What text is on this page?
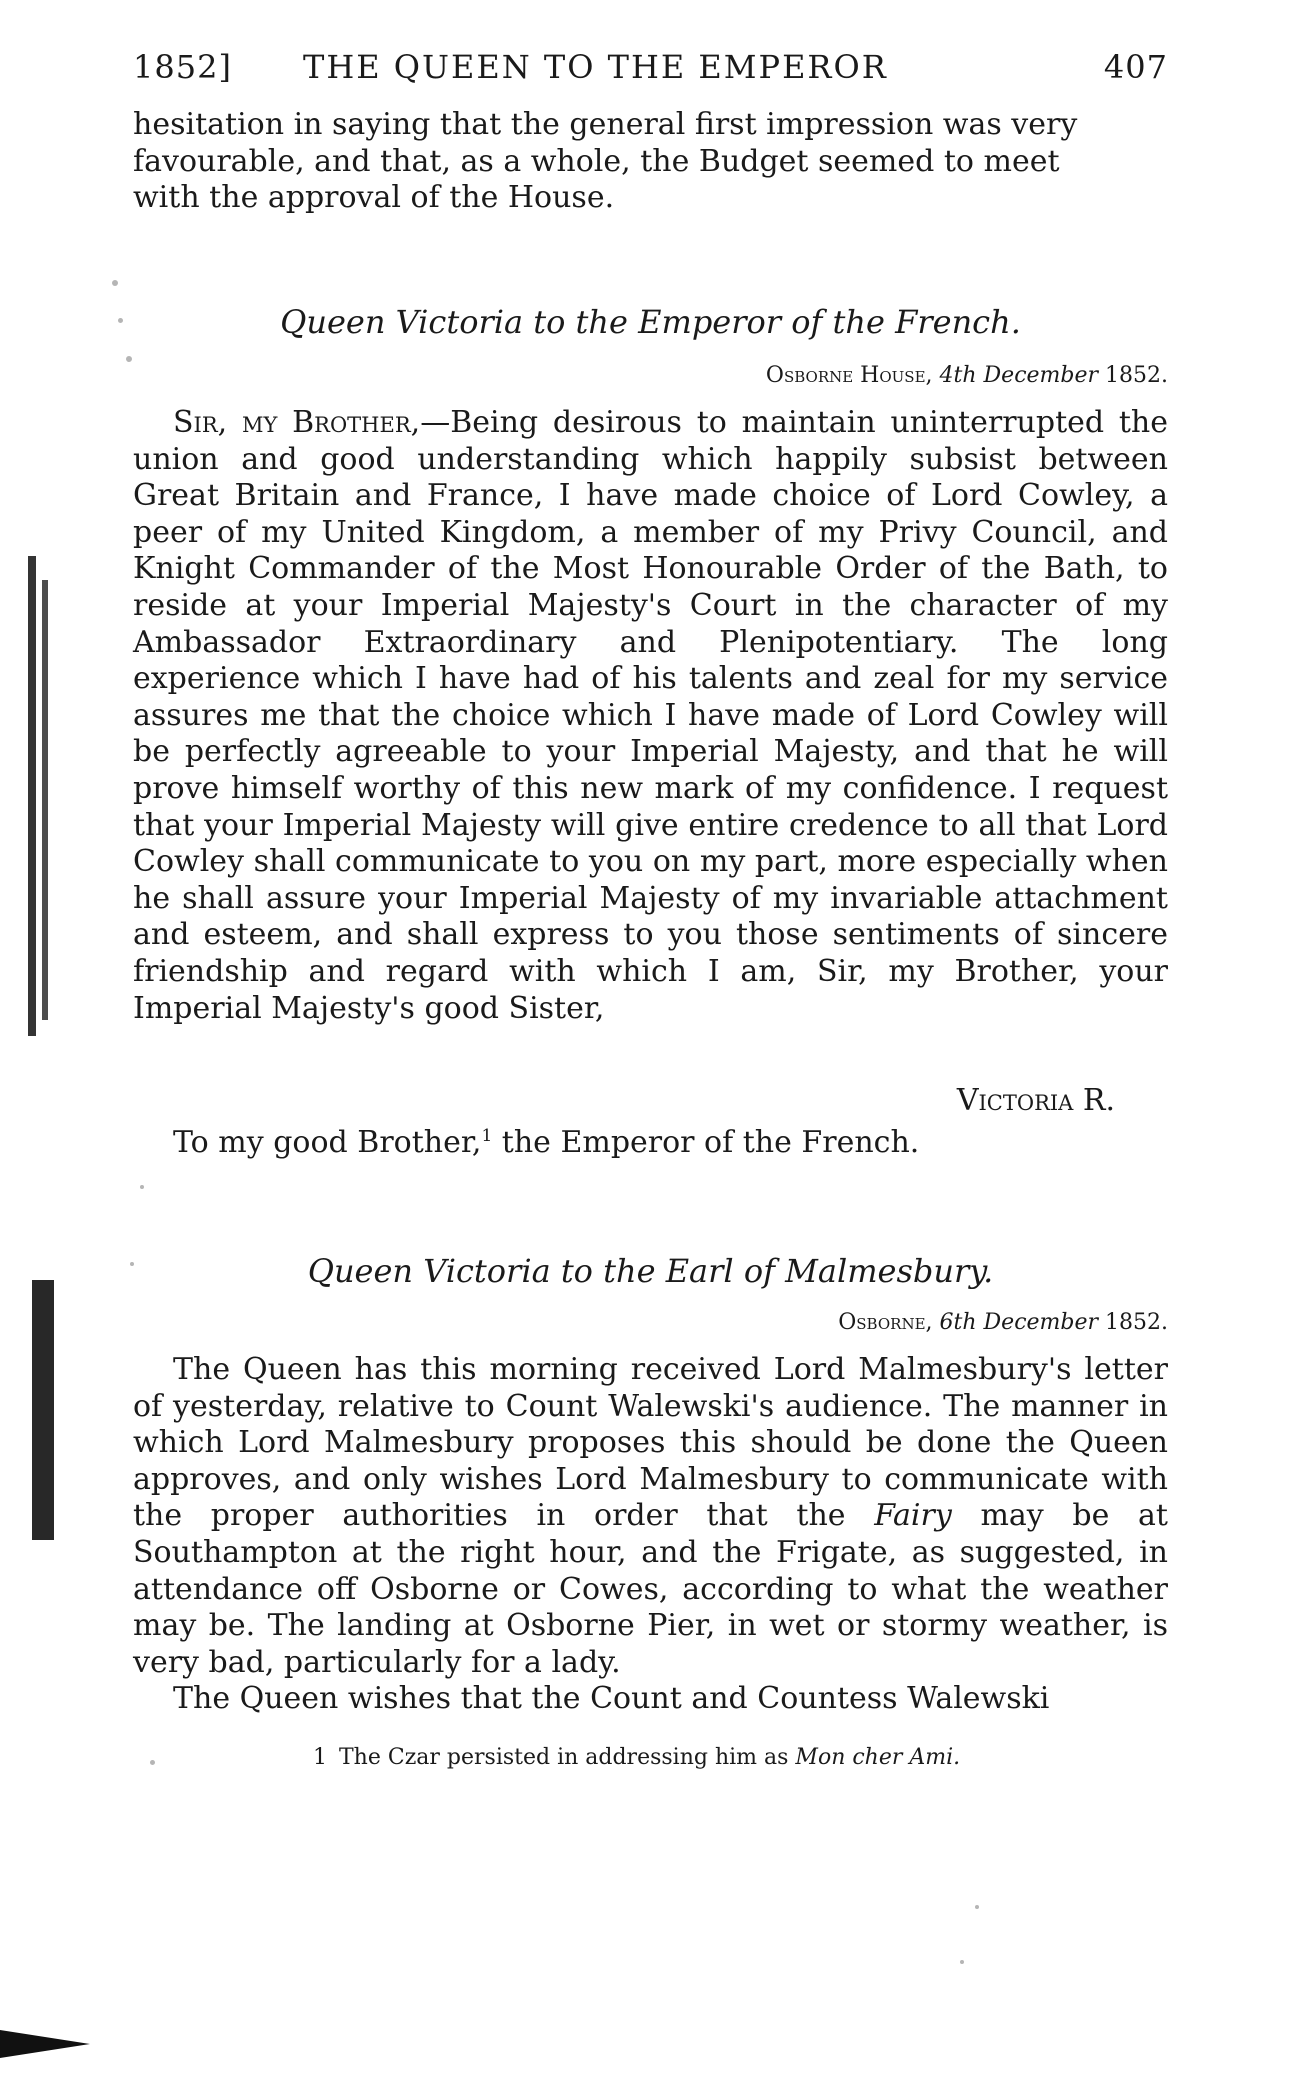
1852] THE QUEEN TO THE EMPEROR	407
hesitation in saying that the general first impression was very
favourable, and that, as a whole, the Budget seemed to meet
with the approval of the House.
Queen Victoria to the Emperor of the French.
Osborne House, 4th December 1852.

Sir, my Brother,—Being desirous to maintain uninterrupted the union and good understanding which happily subsist between Great Britain and France, I have made choice of Lord Cowley, a peer of my United Kingdom, a member of my Privy Council, and Knight Commander of the Most Honourable Order of the Bath, to reside at your Imperial Majesty's Court in the character of my Ambassador Extraordinary and Plenipotentiary. The long experience which I have had of his talents and zeal for my service assures me that the choice which I have made of Lord Cowley will be perfectly agreeable to your Imperial Majesty, and that he will prove himself worthy of this new mark of my confidence. I request that your Imperial Majesty will give entire credence to all that Lord Cowley shall communicate to you on my part, more especially when he shall assure your Imperial Majesty of my invariable attachment and esteem, and shall express to you those sentiments of sincere friendship and regard with which I am, Sir, my Brother, your Imperial Majesty's good Sister,

Victoria R.
To my good Brother,$^1$ the Emperor of the French.
Queen Victoria to the Earl of Malmesbury.
Osborne, 6th December 1852.

The Queen has this morning received Lord Malmesbury's letter of yesterday, relative to Count Walewski's audience. The manner in which Lord Malmesbury proposes this should be done the Queen approves, and only wishes Lord Malmesbury to communicate with the proper authorities in order that the Fairy may be at Southampton at the right hour, and the Frigate, as suggested, in attendance off Osborne or Cowes, according to what the weather may be. The landing at Osborne Pier, in wet or stormy weather, is very bad, particularly for a lady.

The Queen wishes that the Count and Countess Walewski

1 The Czar persisted in addressing him as Mon cher Ami.
